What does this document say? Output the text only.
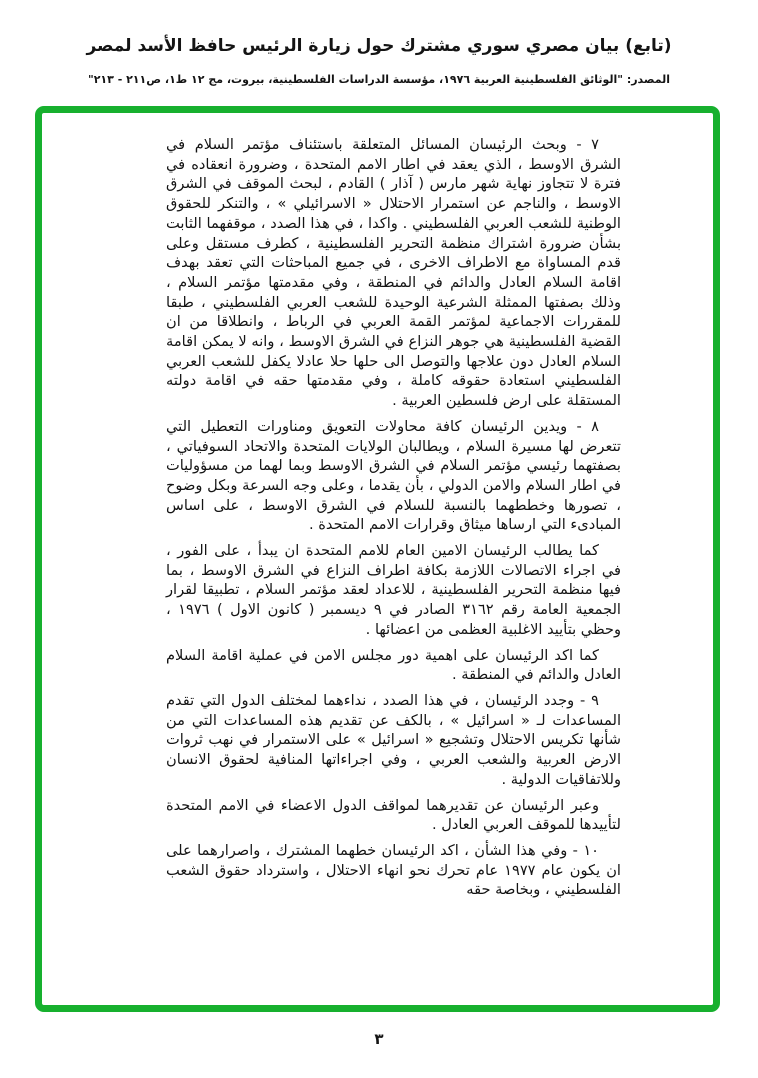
(تابع) بيان مصري سوري مشترك حول زيارة الرئيس حافظ الأسد لمصر
المصدر: "الوثائق الفلسطينية العربية ١٩٧٦، مؤسسة الدراسات الفلسطينية، بيروت، مج ١٢ ط١، ص٢١١ - ٢١٣"

٧ - وبحث الرئيسان المسائل المتعلقة باستئناف مؤتمر السلام في الشرق الاوسط ، الذي يعقد في اطار الامم المتحدة ، وضرورة انعقاده في فترة لا تتجاوز نهاية شهر مارس ( آذار ) القادم ، لبحث الموقف في الشرق الاوسط ، والناجم عن استمرار الاحتلال « الاسرائيلي » ، والتنكر للحقوق الوطنية للشعب العربي الفلسطيني . واكدا ، في هذا الصدد ، موقفهما الثابت بشأن ضرورة اشتراك منظمة التحرير الفلسطينية ، كطرف مستقل وعلى قدم المساواة مع الاطراف الاخرى ، في جميع المباحثات التي تعقد بهدف اقامة السلام العادل والدائم في المنطقة ، وفي مقدمتها مؤتمر السلام ، وذلك بصفتها الممثلة الشرعية الوحيدة للشعب العربي الفلسطيني ، طبقا للمقررات الاجماعية لمؤتمر القمة العربي في الرباط ، وانطلاقا من ان القضية الفلسطينية هي جوهر النزاع في الشرق الاوسط ، وانه لا يمكن اقامة السلام العادل دون علاجها والتوصل الى حلها حلا عادلا يكفل للشعب العربي الفلسطيني استعادة حقوقه كاملة ، وفي مقدمتها حقه في اقامة دولته المستقلة على ارض فلسطين العربية .

٨ - ويدين الرئيسان كافة محاولات التعويق ومناورات التعطيل التي تتعرض لها مسيرة السلام ، ويطالبان الولايات المتحدة والاتحاد السوفياتي ، بصفتهما رئيسي مؤتمر السلام في الشرق الاوسط وبما لهما من مسؤوليات في اطار السلام والامن الدولي ، بأن يقدما ، وعلى وجه السرعة وبكل وضوح ، تصورها وخططهما بالنسبة للسلام في الشرق الاوسط ، على اساس المبادىء التي ارساها ميثاق وقرارات الامم المتحدة .

كما يطالب الرئيسان الامين العام للامم المتحدة ان يبدأ ، على الفور ، في اجراء الاتصالات اللازمة بكافة اطراف النزاع في الشرق الاوسط ، بما فيها منظمة التحرير الفلسطينية ، للاعداد لعقد مؤتمر السلام ، تطبيقا لقرار الجمعية العامة رقم ٣١٦٢ الصادر في ٩ ديسمبر ( كانون الاول ) ١٩٧٦ ، وحظي بتأييد الاغلبية العظمى من اعضائها .

كما اكد الرئيسان على اهمية دور مجلس الامن في عملية اقامة السلام العادل والدائم في المنطقة .

٩ - وجدد الرئيسان ، في هذا الصدد ، نداءهما لمختلف الدول التي تقدم المساعدات لـ « اسرائيل » ، بالكف عن تقديم هذه المساعدات التي من شأنها تكريس الاحتلال وتشجيع « اسرائيل » على الاستمرار في نهب ثروات الارض العربية والشعب العربي ، وفي اجراءاتها المنافية لحقوق الانسان وللاتفاقيات الدولية .

وعبر الرئيسان عن تقديرهما لمواقف الدول الاعضاء في الامم المتحدة لتأييدها للموقف العربي العادل .

١٠ - وفي هذا الشأن ، اكد الرئيسان خطهما المشترك ، واصرارهما على ان يكون عام ١٩٧٧ عام تحرك نحو انهاء الاحتلال ، واسترداد حقوق الشعب الفلسطيني ، وبخاصة حقه

٣
